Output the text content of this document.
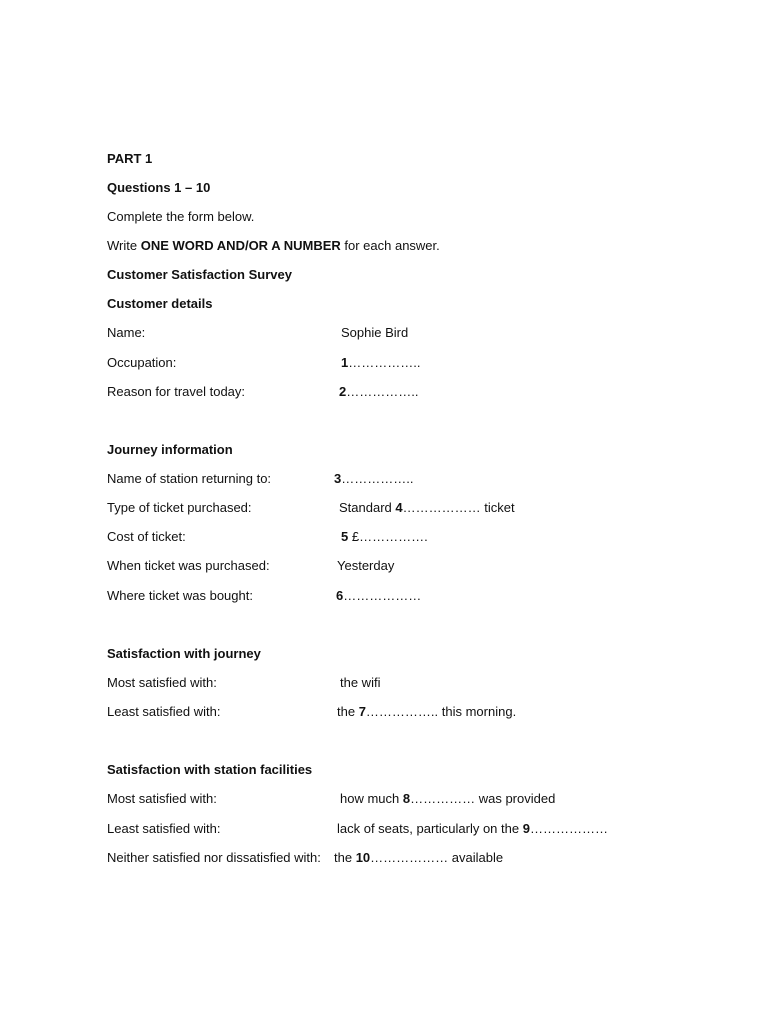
PART 1
Questions 1 – 10
Complete the form below.
Write ONE WORD AND/OR A NUMBER for each answer.
Customer Satisfaction Survey
Customer details
Name:	Sophie Bird
Occupation:	1……………..
Reason for travel today:	2……………..
Journey information
Name of station returning to:	3……………..
Type of ticket purchased:	Standard 4……………… ticket
Cost of ticket:	5 £…………….
When ticket was purchased:	Yesterday
Where ticket was bought:	6………………
Satisfaction with journey
Most satisfied with:	the wifi
Least satisfied with:	the 7…………….. this morning.
Satisfaction with station facilities
Most satisfied with:	how much 8…………… was provided
Least satisfied with:	lack of seats, particularly on the 9………………
Neither satisfied nor dissatisfied with: the 10……………… available
